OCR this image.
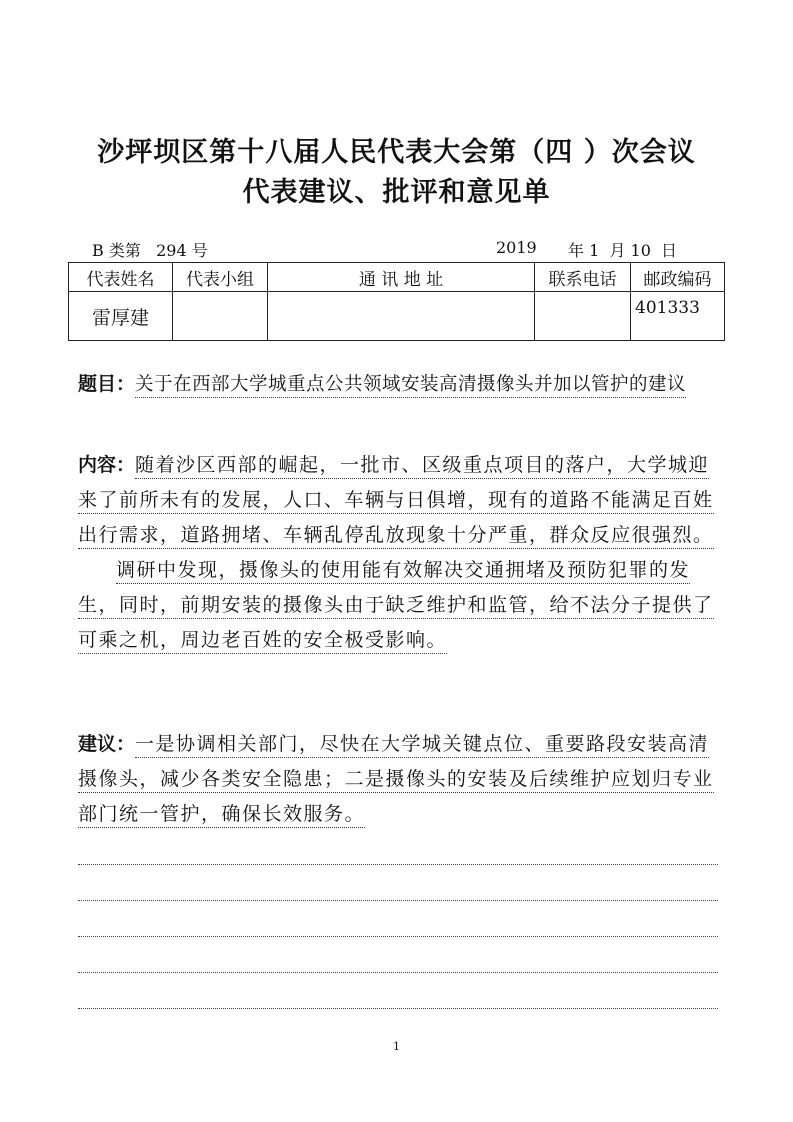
沙坪坝区第十八届人民代表大会第（四 ）次会议
代表建议、批评和意见单
B 类第   294 号	2019 年 1  月 10  日
代表姓名	代表小组	通 讯 地 址	联系电话	邮政编码
雷厚建				401333
题目：关于在西部大学城重点公共领域安装高清摄像头并加以管护的建议
内容：随着沙区西部的崛起，一批市、区级重点项目的落户，大学城迎来了前所未有的发展，人口、车辆与日俱增，现有的道路不能满足百姓出行需求，道路拥堵、车辆乱停乱放现象十分严重，群众反应很强烈。
调研中发现，摄像头的使用能有效解决交通拥堵及预防犯罪的发生，同时，前期安装的摄像头由于缺乏维护和监管，给不法分子提供了可乘之机，周边老百姓的安全极受影响。
建议：一是协调相关部门，尽快在大学城关键点位、重要路段安装高清摄像头，减少各类安全隐患；二是摄像头的安装及后续维护应划归专业部门统一管护，确保长效服务。
1
